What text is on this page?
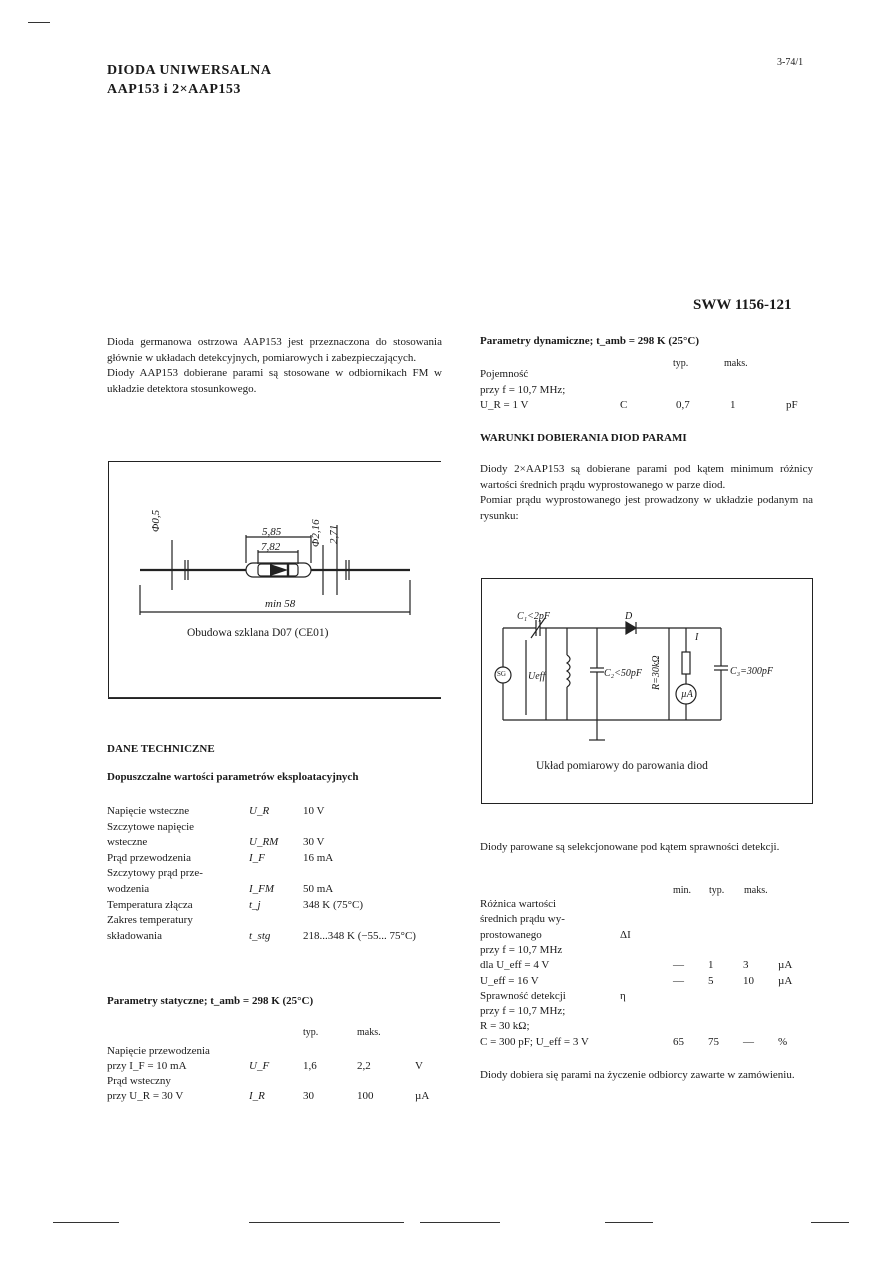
DIODA UNIWERSALNA
AAP153 i 2×AAP153
3-74/1
SWW 1156-121

Dioda germanowa ostrzowa AAP153 jest przeznaczona do stosowania głównie w układach detekcyjnych, pomiarowych i zabezpieczających.

Diody AAP153 dobierane parami są stosowane w odbiornikach FM w układzie detektora stosunkowego.

Φ0,5	5,85
7,82	Φ2,16 2,71
min 58
Obudowa szklana D07 (CE01)
DANE TECHNICZNE
Dopuszczalne wartości parametrów eksploatacyjnych
Napięcie wsteczne	U_R	10 V
Szczytowe napięcie
wsteczne	U_RM 30 V
Prąd przewodzenia	I_F	16 mA
Szczytowy prąd prze-
wodzenia	I_FM	50 mA
Temperatura złącza	t_j	348 K (75°C)
Zakres temperatury
składowania	t_stg	218...348 K (−55... 75°C)
Parametry statyczne; t_amb = 298 K (25°C)
typ.	maks.
Napięcie przewodzenia
przy I_F = 10 mA	U_F	1,6	2,2	V
Prąd wsteczny
przy U_R = 30 V	I_R	30	100	µA
Parametry dynamiczne; t_amb = 298 K (25°C)
typ.	maks.
Pojemność
przy f = 10,7 MHz;
U_R = 1 V	C	0,7	1	pF
WARUNKI DOBIERANIA DIOD PARAMI

Diody 2×AAP153 są dobierane parami pod kątem minimum różnicy wartości średnich prądu wyprostowanego w parze diod.

Pomiar prądu wyprostowanego jest prowadzony w układzie podanym na rysunku:

C₁<2pF	D
Ueff	C₂<50pF R=30kΩ
I
µA
C₃=300pF
SG
Układ pomiarowy do parowania diod
Diody parowane są selekcjonowane pod kątem sprawności detekcji.
min. typ. maks.
Różnica wartości
średnich prądu wy-
prostowanego	ΔI
przy f = 10,7 MHz
dla U_eff = 4 V	— 1	3	µA
U_eff = 16 V	— 5	10 µA
Sprawność detekcji	η
przy f = 10,7 MHz;
R = 30 kΩ;
C = 300 pF; U_eff = 3 V	65 75 — %
Diody dobiera się parami na życzenie odbiorcy zawarte w zamówieniu.
